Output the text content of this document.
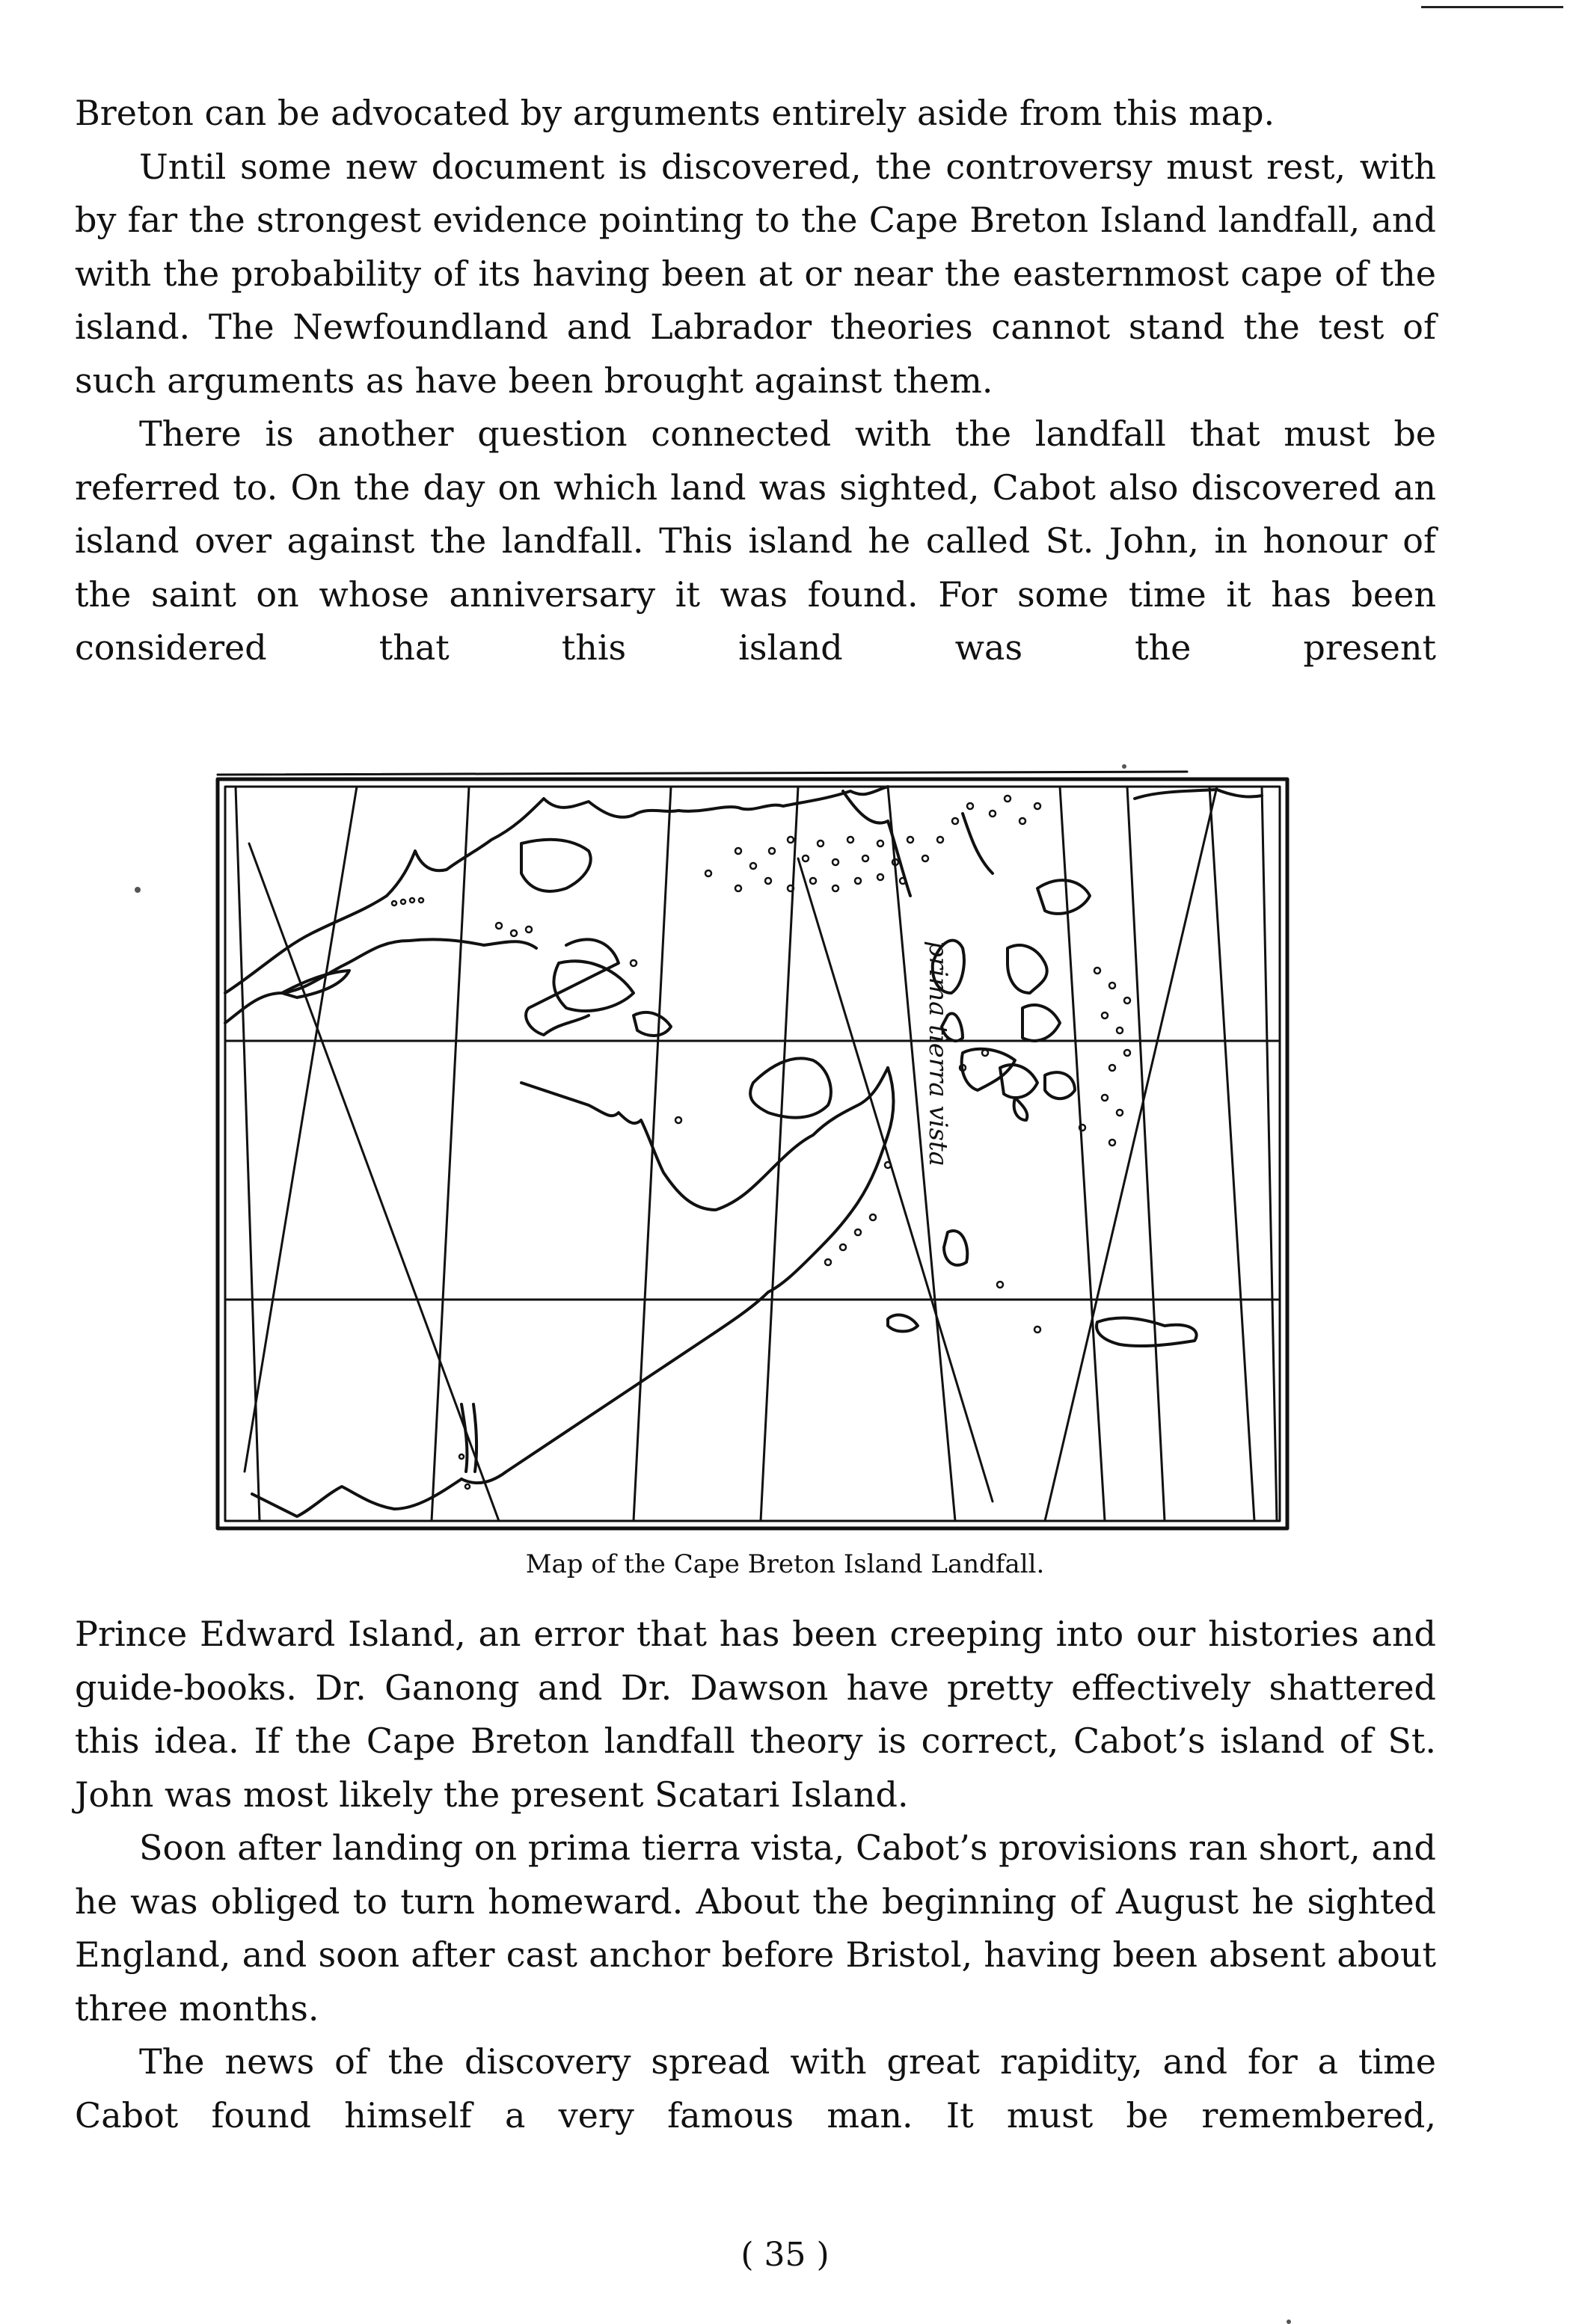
Breton can be advocated by arguments entirely aside from this map.

Until some new document is discovered, the controversy must rest, with by far the strongest evidence pointing to the Cape Breton Island landfall, and with the probability of its having been at or near the easternmost cape of the island. The Newfoundland and Labrador theories cannot stand the test of such arguments as have been brought against them.

There is another question connected with the landfall that must be referred to. On the day on which land was sighted, Cabot also discovered an island over against the landfall. This island he called St. John, in honour of the saint on whose anniversary it was found. For some time it has been considered that this island was the present

prima tierra vista
Map of the Cape Breton Island Landfall.

Prince Edward Island, an error that has been creeping into our histories and guide-books. Dr. Ganong and Dr. Dawson have pretty effectively shattered this idea. If the Cape Breton landfall theory is correct, Cabot’s island of St. John was most likely the present Scatari Island.

Soon after landing on prima tierra vista, Cabot’s provisions ran short, and he was obliged to turn homeward. About the beginning of August he sighted England, and soon after cast anchor before Bristol, having been absent about three months.

The news of the discovery spread with great rapidity, and for a time Cabot found himself a very famous man. It must be remembered,

( 35 )
